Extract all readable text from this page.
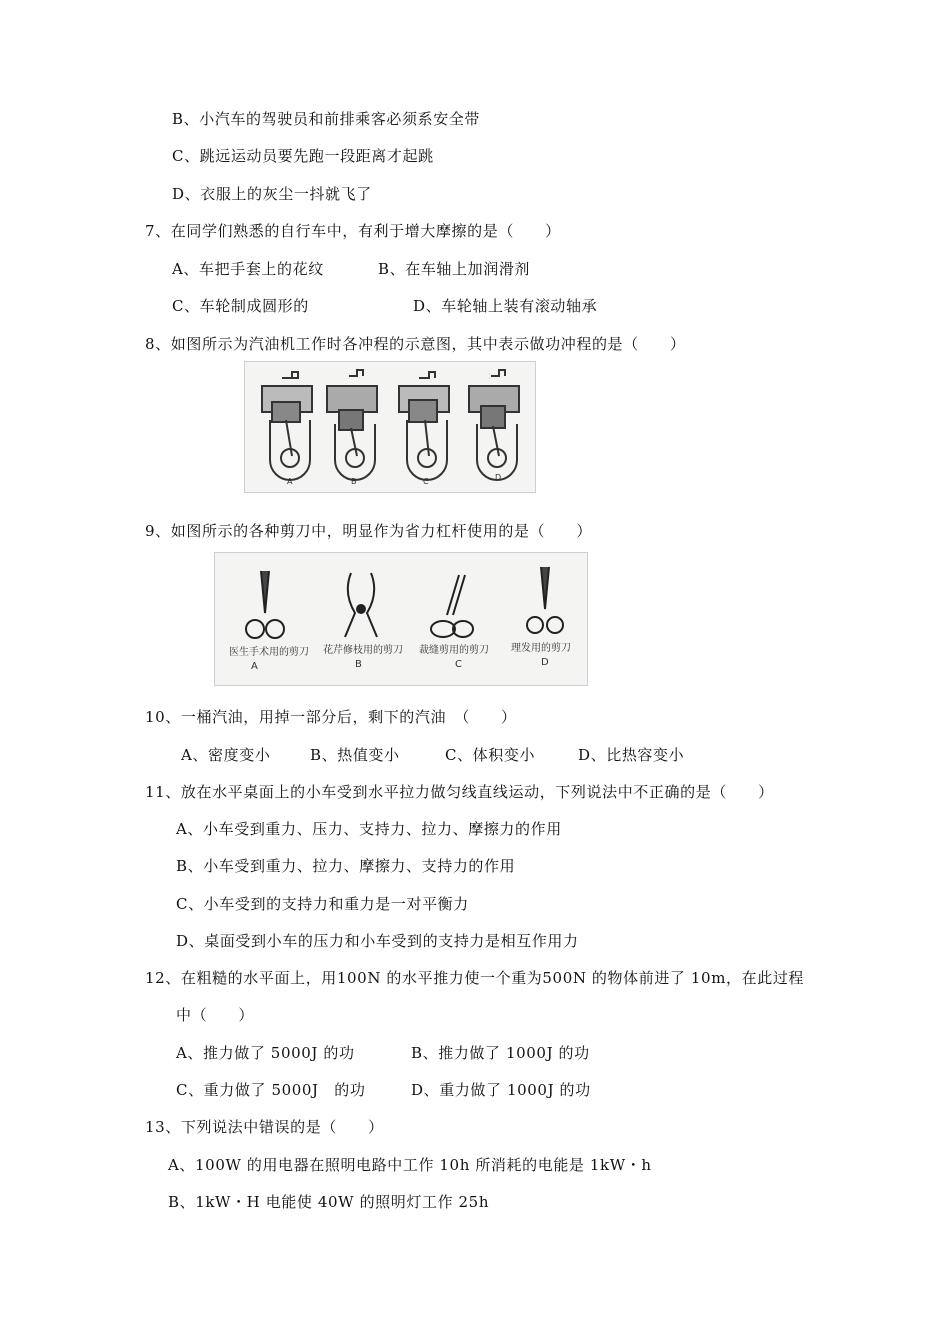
B、小汽车的驾驶员和前排乘客必须系安全带
C、跳远运动员要先跑一段距离才起跳
D、衣服上的灰尘一抖就飞了
7、在同学们熟悉的自行车中，有利于增大摩擦的是（　　）
A、车把手套上的花纹	B、在车轴上加润滑剂
C、车轮制成圆形的	D、车轮轴上装有滚动轴承
8、如图所示为汽油机工作时各冲程的示意图，其中表示做功冲程的是（　　）
A	B	C	D
9、如图所示的各种剪刀中，明显作为省力杠杆使用的是（　　）
医生手术用的剪刀 花芹修枝用的剪刀 裁缝剪用的剪刀 理发用的剪刀
A	B	C	D
10、一桶汽油，用掉一部分后，剩下的汽油　（　　）
A、密度变小	B、热值变小	C、体积变小	D、比热容变小
11、放在水平桌面上的小车受到水平拉力做匀线直线运动，下列说法中不正确的是（　　）
A、小车受到重力、压力、支持力、拉力、摩擦力的作用
B、小车受到重力、拉力、摩擦力、支持力的作用
C、小车受到的支持力和重力是一对平衡力
D、桌面受到小车的压力和小车受到的支持力是相互作用力
12、在粗糙的水平面上，用100N 的水平推力使一个重为500N 的物体前进了 10m，在此过程
中（　　）
A、推力做了 5000J 的功	B、推力做了 1000J 的功
C、重力做了 5000J　的功	D、重力做了 1000J 的功
13、下列说法中错误的是（　　）
A、100W 的用电器在照明电路中工作 10h 所消耗的电能是 1kW・h
B、1kW・H 电能使 40W 的照明灯工作 25h
